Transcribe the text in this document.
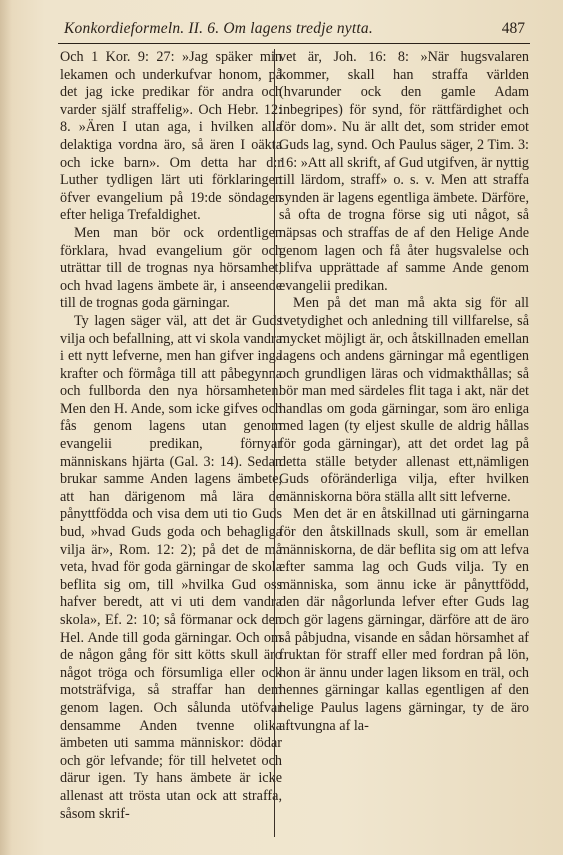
Konkordieformeln. II. 6. Om lagens tredje nytta.	487

Och 1 Kor. 9: 27: »Jag späker min lekamen och underkufvar honom, på det jag icke predikar för andra och varder själf straffelig». Och Hebr. 12: 8. »Ären I utan aga, i hvilken alla delaktiga vordna äro, så ären I oäkta och icke barn». Om detta har d:r Luther tydligen lärt uti förklaringen öfver evangelium på 19:de söndagen efter heliga Trefaldighet.

Men man bör ock ordentligen förklara, hvad evangelium gör och uträttar till de trognas nya hörsamhet, och hvad lagens ämbete är, i anseende till de trognas goda gärningar.

Ty lagen säger väl, att det är Guds vilja och befallning, att vi skola vandra i ett nytt lefverne, men han gifver inga krafter och förmåga till att påbegynna och fullborda den nya hörsamheten. Men den H. Ande, som icke gifves och fås genom lagens utan genom evangelii predikan, förnyar människans hjärta (Gal. 3: 14). Sedan brukar samme Anden lagens ämbete, att han därigenom må lära de pånyttfödda och visa dem uti tio Guds bud, »hvad Guds goda och behagliga vilja är», Rom. 12: 2); på det de må veta, hvad för goda gärningar de skola beflita sig om, till »hvilka Gud oss hafver beredt, att vi uti dem vandra skola», Ef. 2: 10; så förmanar ock den Hel. Ande till goda gärningar. Och om de någon gång för sitt kötts skull äro något tröga och försumliga eller ock motsträfviga, så straffar han dem genom lagen. Och sålunda utöfvar densamme Anden tvenne olika ämbeten uti samma människor: dödar och gör lefvande; för till helvetet och därur igen. Ty hans ämbete är icke allenast att trösta utan ock att straffa, såsom skrif-

vet är, Joh. 16: 8: »När hugsvalaren kommer, skall han straffa världen (hvarunder ock den gamle Adam inbegripes) för synd, för rättfärdighet och för dom». Nu är allt det, som strider emot Guds lag, synd. Och Paulus säger, 2 Tim. 3: 16: »Att all skrift, af Gud utgifven, är nyttig till lärdom, straff» o. s. v. Men att straffa synden är lagens egentliga ämbete. Därföre, så ofta de trogna förse sig uti något, så näpsas och straffas de af den Helige Ande genom lagen och få åter hugsvalelse och blifva upprättade af samme Ande genom evangelii predikan.

Men på det man må akta sig för all tvetydighet och anledning till villfarelse, så mycket möjligt är, och åtskillnaden emellan lagens och andens gärningar må egentligen och grundligen läras och vidmakthållas; så bör man med särdeles flit taga i akt, när det handlas om goda gärningar, som äro enliga med lagen (ty eljest skulle de aldrig hållas för goda gärningar), att det ordet lag på detta ställe betyder allenast ett,nämligen Guds oföränderliga vilja, efter hvilken människorna böra ställa allt sitt lefverne.

Men det är en åtskillnad uti gärningarna för den åtskillnads skull, som är emellan människorna, de där beflita sig om att lefva efter samma lag och Guds vilja. Ty en människa, som ännu icke är pånyttfödd, den där någorlunda lefver efter Guds lag och gör lagens gärningar, därföre att de äro så påbjudna, visande en sådan hörsamhet af fruktan för straff eller med fordran på lön, hon är ännu under lagen liksom en träl, och hennes gärningar kallas egentligen af den helige Paulus lagens gärningar, ty de äro aftvungna af la-
